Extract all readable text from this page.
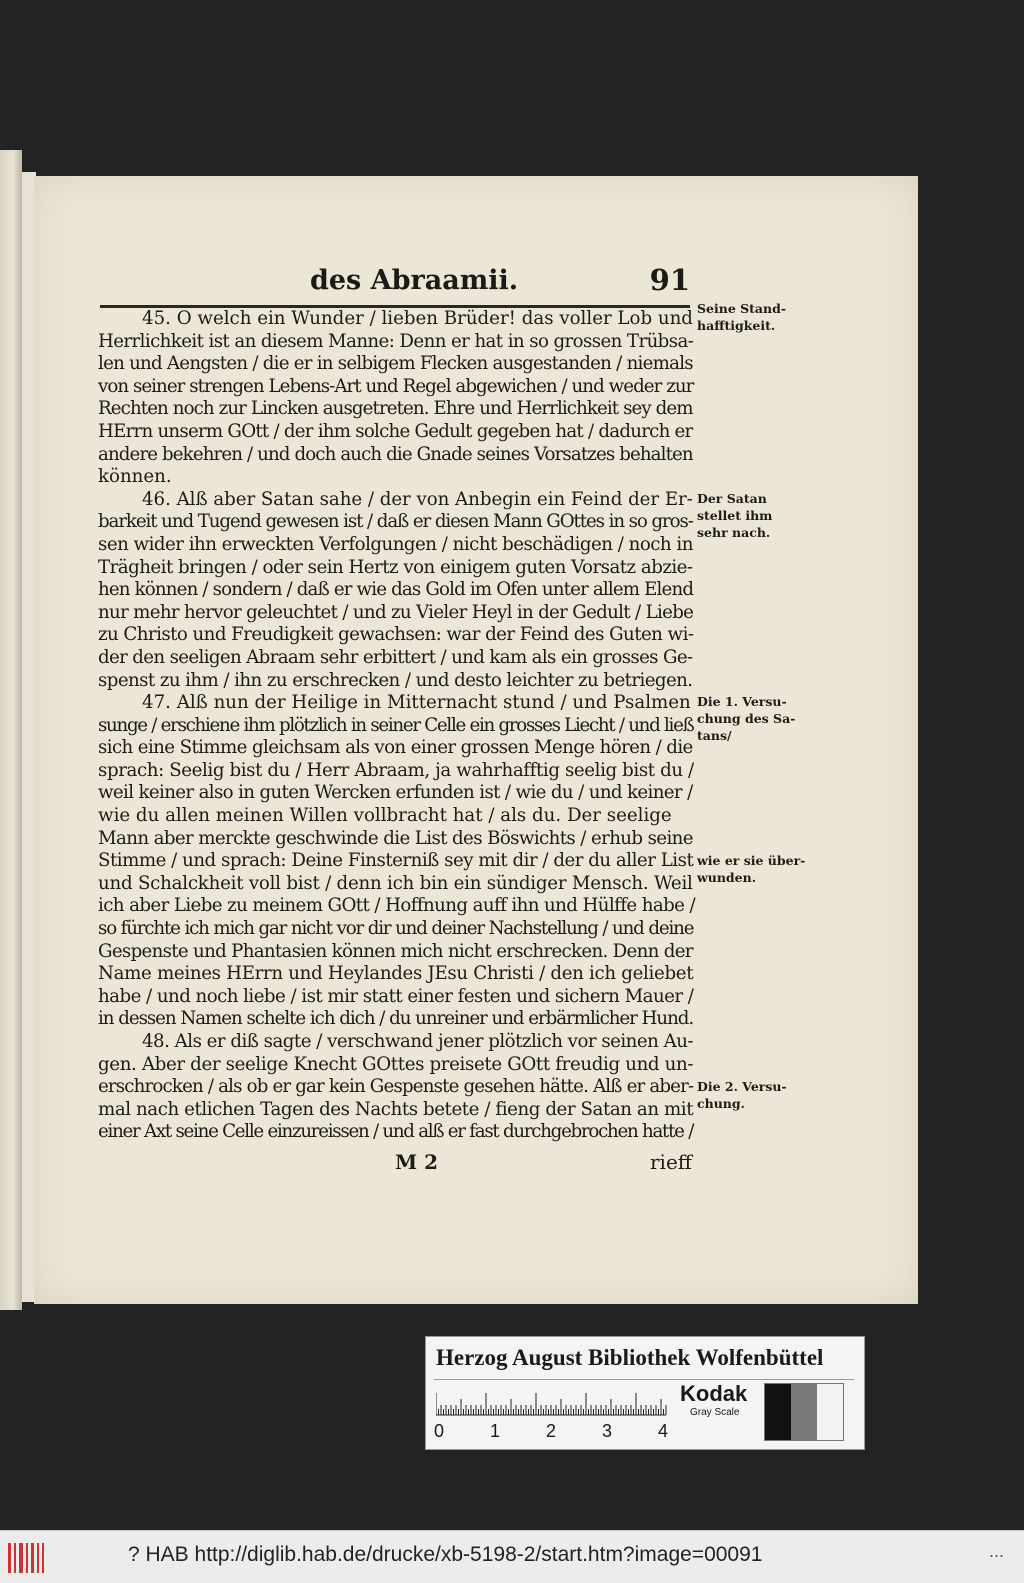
des Abraamii.	91
45. O welch ein Wunder / lieben Brüder! das voller Lob und
Herrlichkeit ist an diesem Manne: Denn er hat in so grossen Trübsa-
len und Aengsten / die er in selbigem Flecken ausgestanden / niemals
von seiner strengen Lebens-Art und Regel abgewichen / und weder zur
Rechten noch zur Lincken ausgetreten. Ehre und Herrlichkeit sey dem
HErrn unserm GOtt / der ihm solche Gedult gegeben hat / dadurch er
andere bekehren / und doch auch die Gnade seines Vorsatzes behalten
können.
46. Alß aber Satan sahe / der von Anbegin ein Feind der Er-
barkeit und Tugend gewesen ist / daß er diesen Mann GOttes in so gros-
sen wider ihn erweckten Verfolgungen / nicht beschädigen / noch in
Trägheit bringen / oder sein Hertz von einigem guten Vorsatz abzie-
hen können / sondern / daß er wie das Gold im Ofen unter allem Elend
nur mehr hervor geleuchtet / und zu Vieler Heyl in der Gedult / Liebe
zu Christo und Freudigkeit gewachsen: war der Feind des Guten wi-
der den seeligen Abraam sehr erbittert / und kam als ein grosses Ge-
spenst zu ihm / ihn zu erschrecken / und desto leichter zu betriegen.
47. Alß nun der Heilige in Mitternacht stund / und Psalmen
sunge / erschiene ihm plötzlich in seiner Celle ein grosses Liecht / und ließ
sich eine Stimme gleichsam als von einer grossen Menge hören / die
sprach: Seelig bist du / Herr Abraam, ja wahrhafftig seelig bist du /
weil keiner also in guten Wercken erfunden ist / wie du / und keiner /
wie du allen meinen Willen vollbracht hat / als du. Der seelige
Mann aber merckte geschwinde die List des Böswichts / erhub seine
Stimme / und sprach: Deine Finsterniß sey mit dir / der du aller List
und Schalckheit voll bist / denn ich bin ein sündiger Mensch. Weil
ich aber Liebe zu meinem GOtt / Hoffnung auff ihn und Hülffe habe /
so fürchte ich mich gar nicht vor dir und deiner Nachstellung / und deine
Gespenste und Phantasien können mich nicht erschrecken. Denn der
Name meines HErrn und Heylandes JEsu Christi / den ich geliebet
habe / und noch liebe / ist mir statt einer festen und sichern Mauer /
in dessen Namen schelte ich dich / du unreiner und erbärmlicher Hund.
48. Als er diß sagte / verschwand jener plötzlich vor seinen Au-
gen. Aber der seelige Knecht GOttes preisete GOtt freudig und un-
erschrocken / als ob er gar kein Gespenste gesehen hätte. Alß er aber-
mal nach etlichen Tagen des Nachts betete / fieng der Satan an mit
einer Axt seine Celle einzureissen / und alß er fast durchgebrochen hatte /
Seine Stand-
hafftigkeit.
Der Satan
stellet ihm
sehr nach.
Die 1. Versu-
chung des Sa-
tans/
wie er sie über-
wunden.
Die 2. Versu-
chung.
M 2	rieff
Herzog August Bibliothek Wolfenbüttel
0	1	2	3	4
Kodak
Gray Scale
? HAB http://diglib.hab.de/drucke/xb-5198-2/start.htm?image=00091	...
